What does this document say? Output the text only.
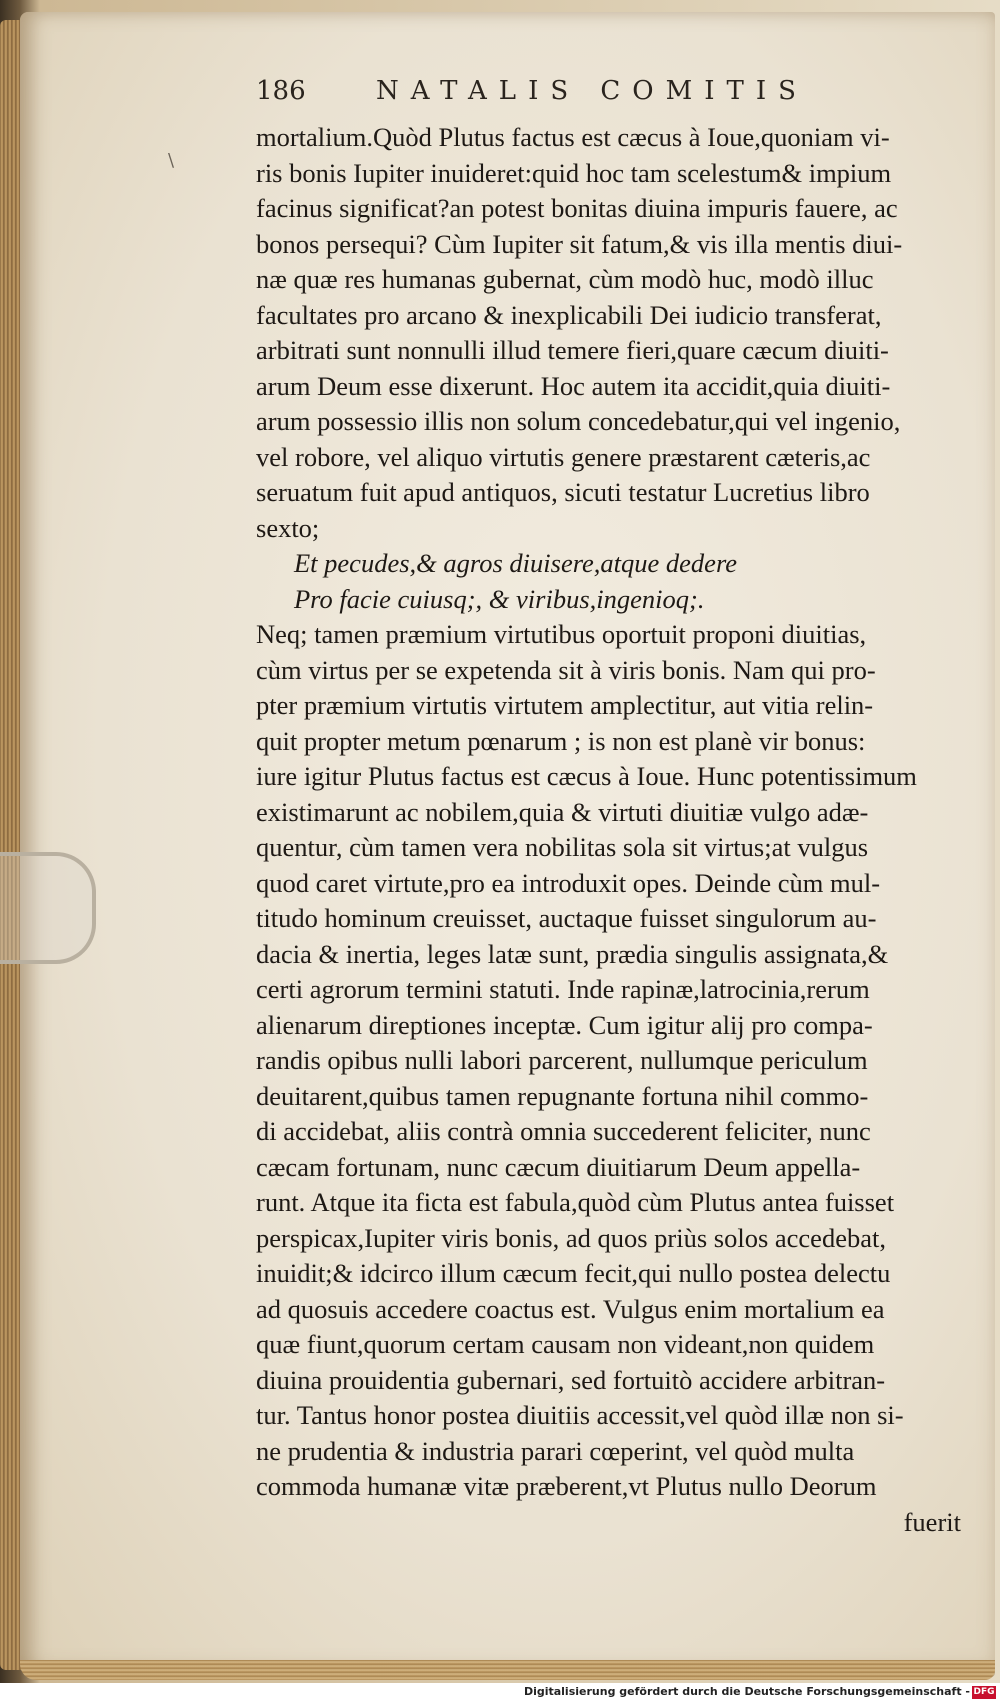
\
186	NATALIS COMITIS
mortalium.Quòd Plutus factus est cæcus à Ioue,quoniam vi-
ris bonis Iupiter inuideret:quid hoc tam scelestum& impium
facinus significat?an potest bonitas diuina impuris fauere, ac
bonos persequi? Cùm Iupiter sit fatum,& vis illa mentis diui-
næ quæ res humanas gubernat, cùm modò huc, modò illuc
facultates pro arcano & inexplicabili Dei iudicio transferat,
arbitrati sunt nonnulli illud temere fieri,quare cæcum diuiti-
arum Deum esse dixerunt. Hoc autem ita accidit,quia diuiti-
arum possessio illis non solum concedebatur,qui vel ingenio,
vel robore, vel aliquo virtutis genere præstarent cæteris,ac
seruatum fuit apud antiquos, sicuti testatur Lucretius libro
sexto;
Et pecudes,& agros diuisere,atque dedere
Pro facie cuiusq;, & viribus,ingenioq;.
Neq; tamen præmium virtutibus oportuit proponi diuitias,
cùm virtus per se expetenda sit à viris bonis. Nam qui pro-
pter præmium virtutis virtutem amplectitur, aut vitia relin-
quit propter metum pœnarum ; is non est planè vir bonus:
iure igitur Plutus factus est cæcus à Ioue. Hunc potentissimum
existimarunt ac nobilem,quia & virtuti diuitiæ vulgo adæ-
quentur, cùm tamen vera nobilitas sola sit virtus;at vulgus
quod caret virtute,pro ea introduxit opes. Deinde cùm mul-
titudo hominum creuisset, auctaque fuisset singulorum au-
dacia & inertia, leges latæ sunt, prædia singulis assignata,&
certi agrorum termini statuti. Inde rapinæ,latrocinia,rerum
alienarum direptiones inceptæ. Cum igitur alij pro compa-
randis opibus nulli labori parcerent, nullumque periculum
deuitarent,quibus tamen repugnante fortuna nihil commo-
di accidebat, aliis contrà omnia succederent feliciter, nunc
cæcam fortunam, nunc cæcum diuitiarum Deum appella-
runt. Atque ita ficta est fabula,quòd cùm Plutus antea fuisset
perspicax,Iupiter viris bonis, ad quos priùs solos accedebat,
inuidit;& idcirco illum cæcum fecit,qui nullo postea delectu
ad quosuis accedere coactus est. Vulgus enim mortalium ea
quæ fiunt,quorum certam causam non videant,non quidem
diuina prouidentia gubernari, sed fortuitò accidere arbitran-
tur. Tantus honor postea diuitiis accessit,vel quòd illæ non si-
ne prudentia & industria parari cœperint, vel quòd multa
commoda humanæ vitæ præberent,vt Plutus nullo Deorum
fuerit
Digitalisierung gefördert durch die Deutsche Forschungsgemeinschaft - DFG
